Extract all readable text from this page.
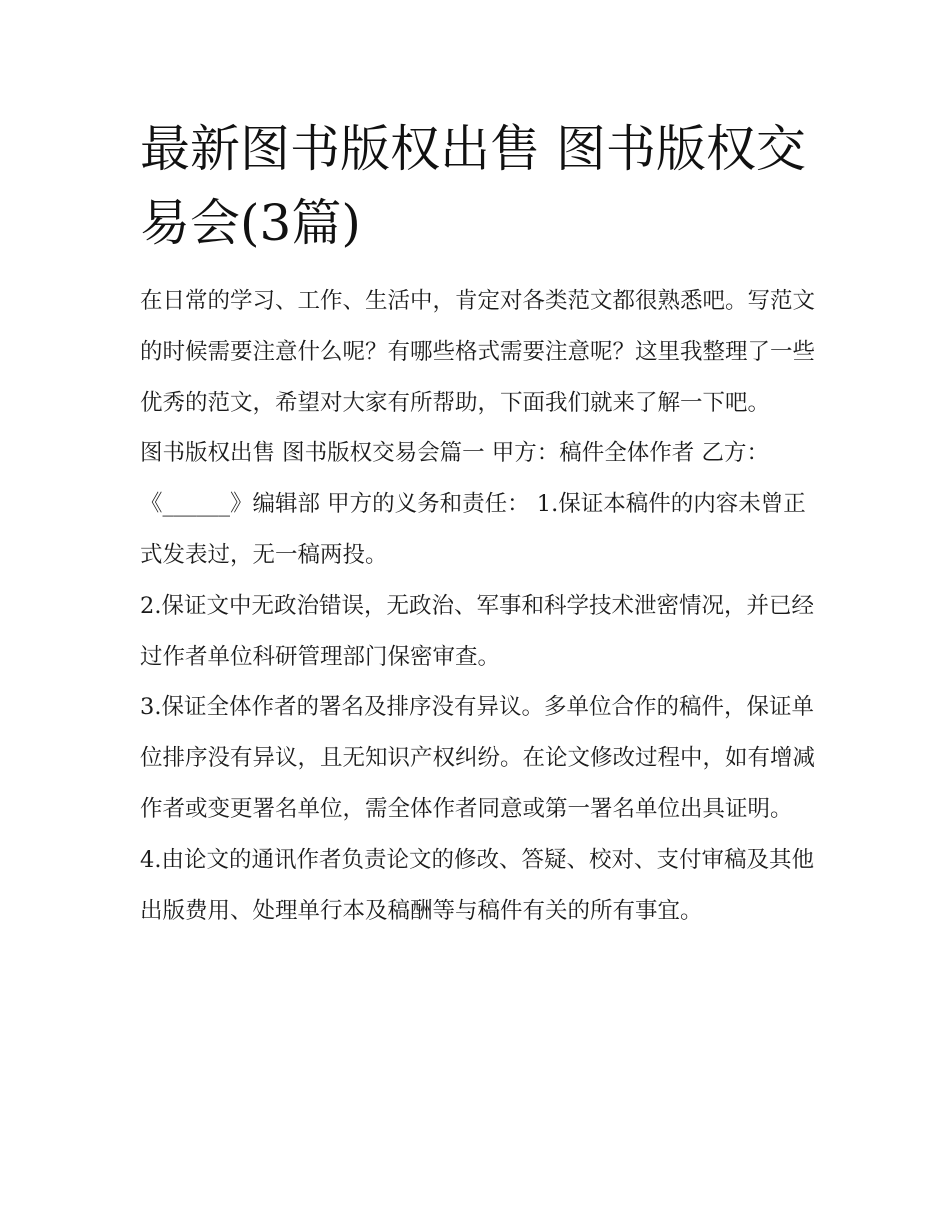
最新图书版权出售 图书版权交易会(3篇)

在日常的学习、工作、生活中，肯定对各类范文都很熟悉吧。写范文的时候需要注意什么呢？有哪些格式需要注意呢？这里我整理了一些优秀的范文，希望对大家有所帮助，下面我们就来了解一下吧。

图书版权出售 图书版权交易会篇一 甲方：稿件全体作者 乙方：《______》编辑部 甲方的义务和责任： 1.保证本稿件的内容未曾正式发表过，无一稿两投。

2.保证文中无政治错误，无政治、军事和科学技术泄密情况，并已经过作者单位科研管理部门保密审查。

3.保证全体作者的署名及排序没有异议。多单位合作的稿件，保证单位排序没有异议，且无知识产权纠纷。在论文修改过程中，如有增减作者或变更署名单位，需全体作者同意或第一署名单位出具证明。

4.由论文的通讯作者负责论文的修改、答疑、校对、支付审稿及其他出版费用、处理单行本及稿酬等与稿件有关的所有事宜。
